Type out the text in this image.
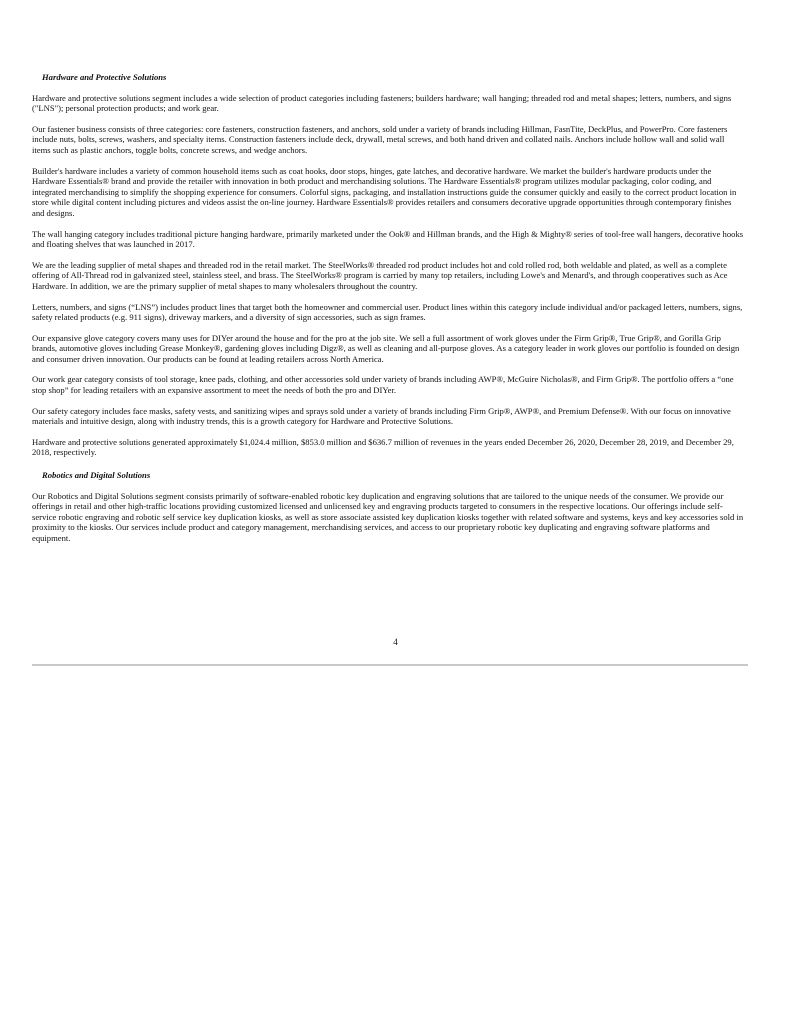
Hardware and Protective Solutions

Hardware and protective solutions segment includes a wide selection of product categories including fasteners; builders hardware; wall hanging; threaded rod and metal shapes; letters, numbers, and signs ("LNS"); personal protection products; and work gear.

Our fastener business consists of three categories: core fasteners, construction fasteners, and anchors, sold under a variety of brands including Hillman, FasnTite, DeckPlus, and PowerPro. Core fasteners include nuts, bolts, screws, washers, and specialty items. Construction fasteners include deck, drywall, metal screws, and both hand driven and collated nails. Anchors include hollow wall and solid wall items such as plastic anchors, toggle bolts, concrete screws, and wedge anchors.

Builder's hardware includes a variety of common household items such as coat hooks, door stops, hinges, gate latches, and decorative hardware. We market the builder's hardware products under the Hardware Essentials® brand and provide the retailer with innovation in both product and merchandising solutions. The Hardware Essentials® program utilizes modular packaging, color coding, and integrated merchandising to simplify the shopping experience for consumers. Colorful signs, packaging, and installation instructions guide the consumer quickly and easily to the correct product location in store while digital content including pictures and videos assist the on-line journey. Hardware Essentials® provides retailers and consumers decorative upgrade opportunities through contemporary finishes and designs.

The wall hanging category includes traditional picture hanging hardware, primarily marketed under the Ook® and Hillman brands, and the High & Mighty® series of tool-free wall hangers, decorative hooks and floating shelves that was launched in 2017.

We are the leading supplier of metal shapes and threaded rod in the retail market. The SteelWorks® threaded rod product includes hot and cold rolled rod, both weldable and plated, as well as a complete offering of All-Thread rod in galvanized steel, stainless steel, and brass. The SteelWorks® program is carried by many top retailers, including Lowe's and Menard's, and through cooperatives such as Ace Hardware. In addition, we are the primary supplier of metal shapes to many wholesalers throughout the country.

Letters, numbers, and signs (“LNS”) includes product lines that target both the homeowner and commercial user. Product lines within this category include individual and/or packaged letters, numbers, signs, safety related products (e.g. 911 signs), driveway markers, and a diversity of sign accessories, such as sign frames.

Our expansive glove category covers many uses for DIYer around the house and for the pro at the job site. We sell a full assortment of work gloves under the Firm Grip®, True Grip®, and Gorilla Grip brands, automotive gloves including Grease Monkey®, gardening gloves including Digz®, as well as cleaning and all-purpose gloves. As a category leader in work gloves our portfolio is founded on design and consumer driven innovation. Our products can be found at leading retailers across North America.

Our work gear category consists of tool storage, knee pads, clothing, and other accessories sold under variety of brands including AWP®, McGuire Nicholas®, and Firm Grip®. The portfolio offers a “one stop shop” for leading retailers with an expansive assortment to meet the needs of both the pro and DIYer.

Our safety category includes face masks, safety vests, and sanitizing wipes and sprays sold under a variety of brands including Firm Grip®, AWP®, and Premium Defense®. With our focus on innovative materials and intuitive design, along with industry trends, this is a growth category for Hardware and Protective Solutions.

Hardware and protective solutions generated approximately $1,024.4 million, $853.0 million and $636.7 million of revenues in the years ended December 26, 2020, December 28, 2019, and December 29, 2018, respectively.

Robotics and Digital Solutions

Our Robotics and Digital Solutions segment consists primarily of software-enabled robotic key duplication and engraving solutions that are tailored to the unique needs of the consumer. We provide our offerings in retail and other high-traffic locations providing customized licensed and unlicensed key and engraving products targeted to consumers in the respective locations. Our offerings include self-service robotic engraving and robotic self service key duplication kiosks, as well as store associate assisted key duplication kiosks together with related software and systems, keys and key accessories sold in proximity to the kiosks. Our services include product and category management, merchandising services, and access to our proprietary robotic key duplicating and engraving software platforms and equipment.

4
